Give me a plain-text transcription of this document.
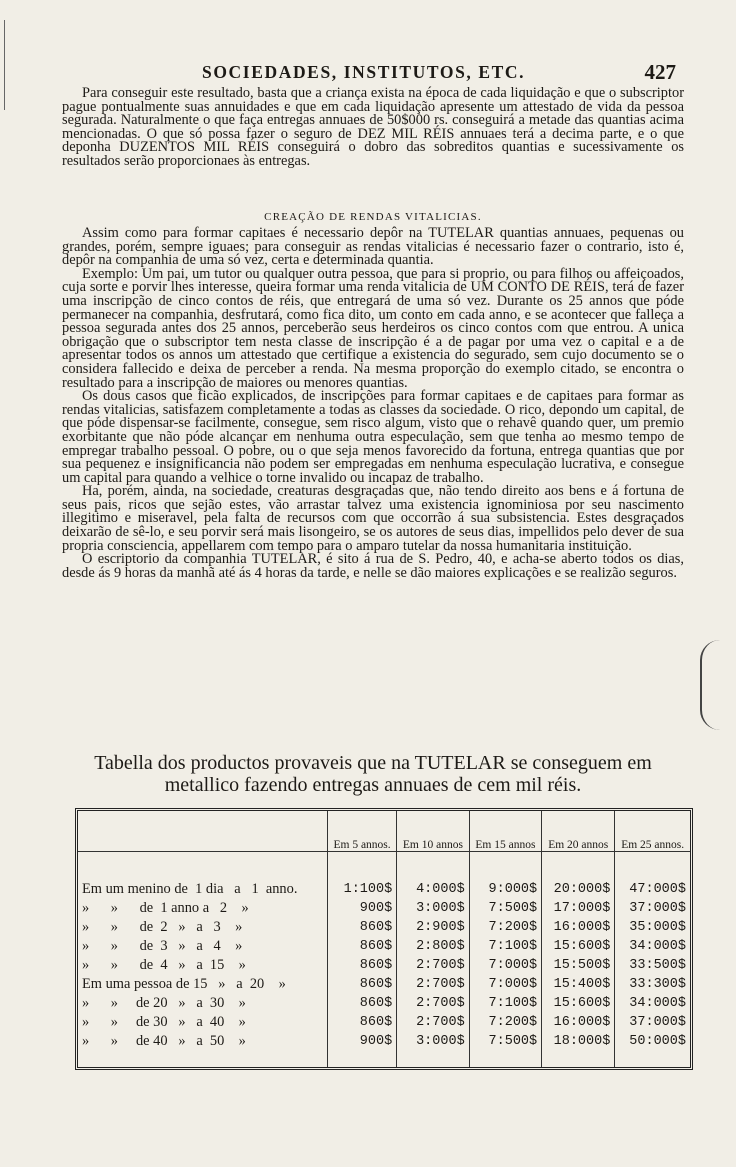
SOCIEDADES, INSTITUTOS, ETC.	427

Para conseguir este resultado, basta que a criança exista na época de cada liquidação e que o subscriptor pague pontualmente suas annuidades e que em cada liquidação apresente um attestado de vida da pessoa segurada. Naturalmente o que faça entregas annuaes de 50$000 rs. conseguirá a metade das quantias acima mencionadas. O que só possa fazer o seguro de DEZ MIL RÉIS annuaes terá a decima parte, e o que deponha DUZENTOS MIL RÉIS conseguirá o dobro das sobreditos quantias e sucessivamente os resultados serão proporcionaes às entregas.

CREAÇÃO DE RENDAS VITALICIAS.

Assim como para formar capitaes é necessario depôr na TUTELAR quantias annuaes, pequenas ou grandes, porém, sempre iguaes; para conseguir as rendas vitalicias é necessario fazer o contrario, isto é, depôr na companhia de uma só vez, certa e determinada quantia.

Exemplo: Um pai, um tutor ou qualquer outra pessoa, que para si proprio, ou para filhos ou affeiçoados, cuja sorte e porvir lhes interesse, queira formar uma renda vitalicia de UM CONTO DE RÉIS, terá de fazer uma inscripção de cinco contos de réis, que entregará de uma só vez. Durante os 25 annos que póde permanecer na companhia, desfrutará, como fica dito, um conto em cada anno, e se acontecer que falleça a pessoa segurada antes dos 25 annos, perceberão seus herdeiros os cinco contos com que entrou. A unica obrigação que o subscriptor tem nesta classe de inscripção é a de pagar por uma vez o capital e a de apresentar todos os annos um attestado que certifique a existencia do segurado, sem cujo documento se o considera fallecido e deixa de perceber a renda. Na mesma proporção do exemplo citado, se encontra o resultado para a inscripção de maiores ou menores quantias.

Os dous casos que ficão explicados, de inscripções para formar capitaes e de capitaes para formar as rendas vitalicias, satisfazem completamente a todas as classes da sociedade. O rico, depondo um capital, de que póde dispensar-se facilmente, consegue, sem risco algum, visto que o rehavê quando quer, um premio exorbitante que não póde alcançar em nenhuma outra especulação, sem que tenha ao mesmo tempo de empregar trabalho pessoal. O pobre, ou o que seja menos favorecido da fortuna, entrega quantias que por sua pequenez e insignificancia não podem ser empregadas em nenhuma especulação lucrativa, e consegue um capital para quando a velhice o torne invalido ou incapaz de trabalho.

Ha, porém, ainda, na sociedade, creaturas desgraçadas que, não tendo direito aos bens e á fortuna de seus pais, ricos que sejão estes, vão arrastar talvez uma existencia ignominiosa por seu nascimento illegitimo e miseravel, pela falta de recursos com que occorrão á sua subsistencia. Estes desgraçados deixarão de sê-lo, e seu porvir será mais lisongeiro, se os autores de seus dias, impellidos pelo dever de sua propria consciencia, appellarem com tempo para o amparo tutelar da nossa humanitaria instituição.

O escriptorio da companhia TUTELAR, é sito á rua de S. Pedro, 40, e acha-se aberto todos os dias, desde ás 9 horas da manhã até ás 4 horas da tarde, e nelle se dão maiores explicações e se realizão seguros.

Tabella dos productos provaveis que na TUTELAR se conseguem em
metallico fazendo entregas annuaes de cem mil réis.
	Em 5 annos.	Em 10 annos	Em 15 annos	Em 20 annos	Em 25 annos.

Em um menino de  1 dia   a   1  anno.	1:100$	4:000$	9:000$	20:000$	47:000$
»      »      de  1 anno a   2    »	900$	3:000$	7:500$	17:000$	37:000$
»      »      de  2   »   a   3    »	860$	2:900$	7:200$	16:000$	35:000$
»      »      de  3   »   a   4    »	860$	2:800$	7:100$	15:600$	34:000$
»      »      de  4   »   a  15    »	860$	2:700$	7:000$	15:500$	33:500$
Em uma pessoa de 15   »   a  20    »	860$	2:700$	7:000$	15:400$	33:300$
»      »     de 20   »   a  30    »	860$	2:700$	7:100$	15:600$	34:000$
»      »     de 30   »   a  40    »	860$	2:700$	7:200$	16:000$	37:000$
»      »     de 40   »   a  50    »	900$	3:000$	7:500$	18:000$	50:000$
